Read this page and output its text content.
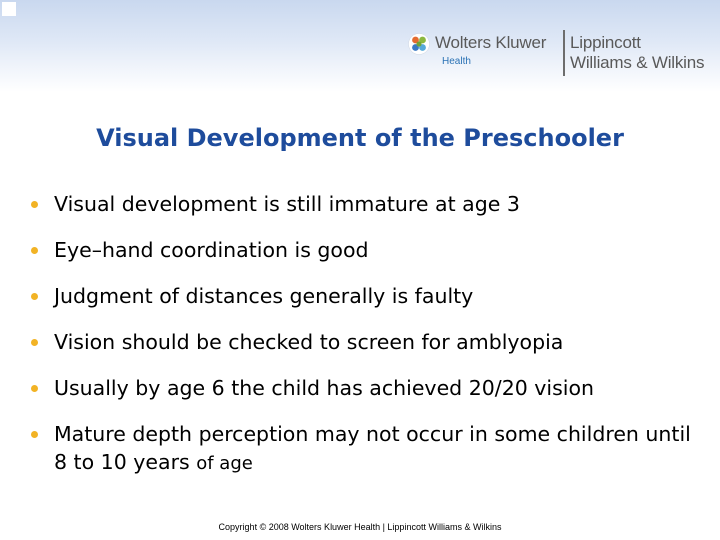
Wolters Kluwer
Health
Lippincott
Williams & Wilkins
Visual Development of the Preschooler
Visual development is still immature at age 3
Eye–hand coordination is good
Judgment of distances generally is faulty
Vision should be checked to screen for amblyopia
Usually by age 6 the child has achieved 20/20 vision
Mature depth perception may not occur in some children until 8 to 10 years of age
Copyright © 2008 Wolters Kluwer Health | Lippincott Williams & Wilkins
